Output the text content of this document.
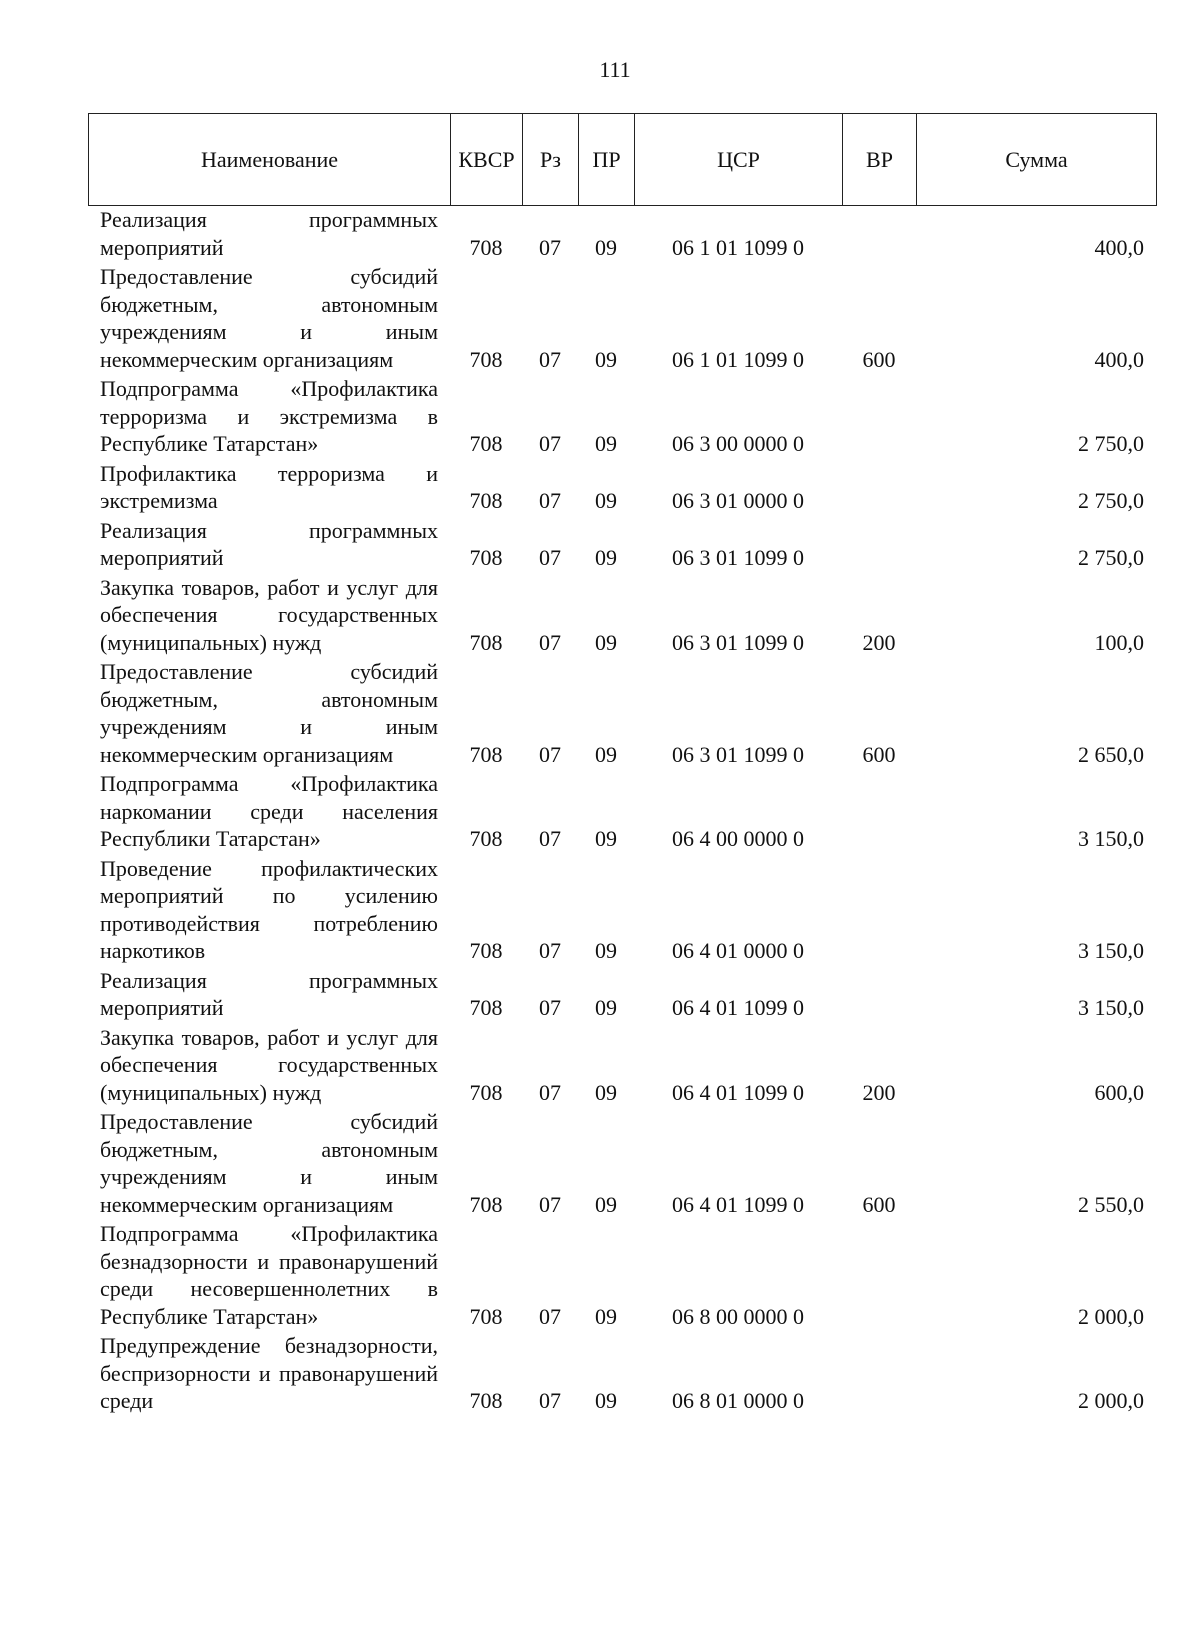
111
Наименование	КВСР	Рз	ПР	ЦСР	ВР	Сумма
Реализация программных мероприятий	708	07	09	06 1 01 1099 0		400,0
Предоставление субсидий бюджетным, автономным учреждениям и иным некоммерческим организациям	708	07	09	06 1 01 1099 0	600	400,0
Подпрограмма «Профилактика терроризма и экстремизма в Республике Татарстан»	708	07	09	06 3 00 0000 0		2 750,0
Профилактика терроризма и экстремизма	708	07	09	06 3 01 0000 0		2 750,0
Реализация программных мероприятий	708	07	09	06 3 01 1099 0		2 750,0
Закупка товаров, работ и услуг для обеспечения государственных (муниципальных) нужд	708	07	09	06 3 01 1099 0	200	100,0
Предоставление субсидий бюджетным, автономным учреждениям и иным некоммерческим организациям	708	07	09	06 3 01 1099 0	600	2 650,0
Подпрограмма «Профилактика наркомании среди населения Республики Татарстан»	708	07	09	06 4 00 0000 0		3 150,0
Проведение профилактических мероприятий по усилению противодействия потреблению наркотиков	708	07	09	06 4 01 0000 0		3 150,0
Реализация программных мероприятий	708	07	09	06 4 01 1099 0		3 150,0
Закупка товаров, работ и услуг для обеспечения государственных (муниципальных) нужд	708	07	09	06 4 01 1099 0	200	600,0
Предоставление субсидий бюджетным, автономным учреждениям и иным некоммерческим организациям	708	07	09	06 4 01 1099 0	600	2 550,0
Подпрограмма «Профилактика безнадзорности и правонарушений среди несовершеннолетних в Республике Татарстан»	708	07	09	06 8 00 0000 0		2 000,0
Предупреждение безнадзорности, беспризорности и правонарушений среди	708	07	09	06 8 01 0000 0		2 000,0
